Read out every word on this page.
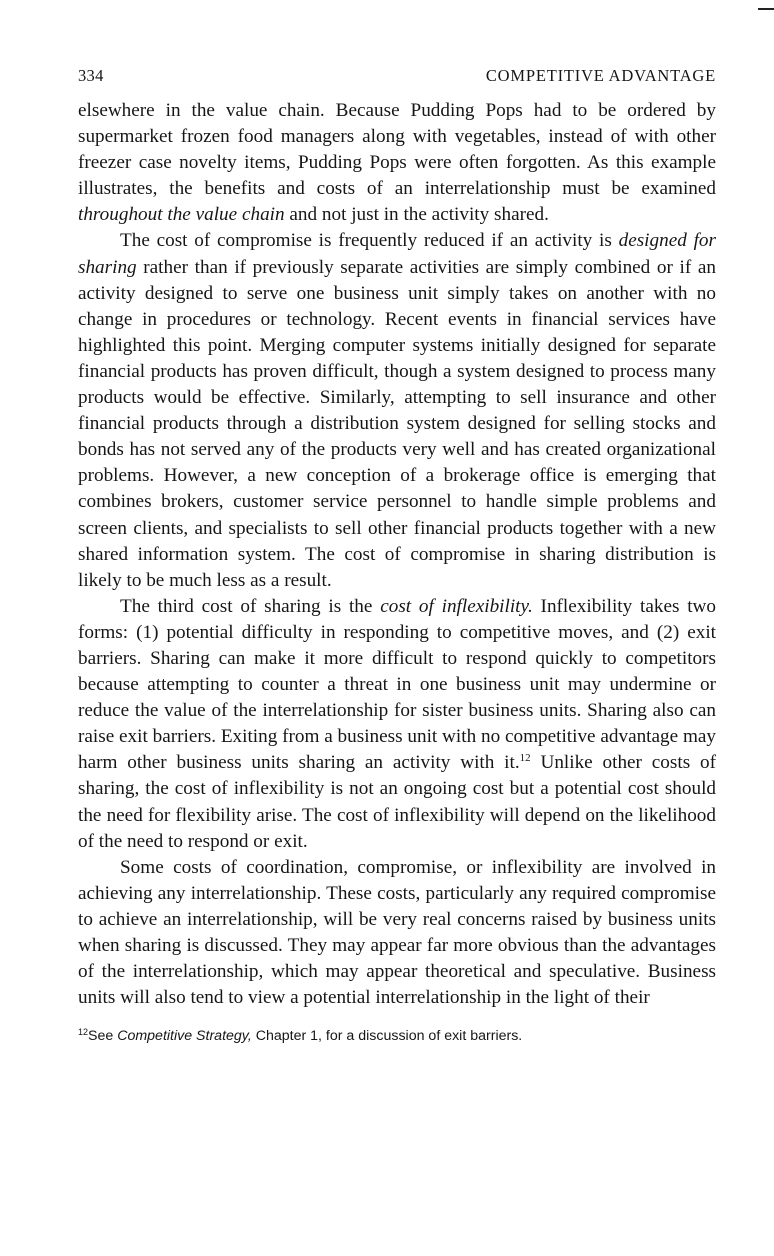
334	COMPETITIVE ADVANTAGE

elsewhere in the value chain. Because Pudding Pops had to be ordered by supermarket frozen food managers along with vegetables, instead of with other freezer case novelty items, Pudding Pops were often forgotten. As this example illustrates, the benefits and costs of an interrelationship must be examined throughout the value chain and not just in the activity shared.

The cost of compromise is frequently reduced if an activity is designed for sharing rather than if previously separate activities are simply combined or if an activity designed to serve one business unit simply takes on another with no change in procedures or technology. Recent events in financial services have highlighted this point. Merging computer systems initially designed for separate financial products has proven difficult, though a system designed to process many products would be effective. Similarly, attempting to sell insurance and other financial products through a distribution system designed for selling stocks and bonds has not served any of the products very well and has created organizational problems. However, a new conception of a brokerage office is emerging that combines brokers, customer service personnel to handle simple problems and screen clients, and specialists to sell other financial products together with a new shared information system. The cost of compromise in sharing distribution is likely to be much less as a result.

The third cost of sharing is the cost of inflexibility. Inflexibility takes two forms: (1) potential difficulty in responding to competitive moves, and (2) exit barriers. Sharing can make it more difficult to respond quickly to competitors because attempting to counter a threat in one business unit may undermine or reduce the value of the interrelationship for sister business units. Sharing also can raise exit barriers. Exiting from a business unit with no competitive advantage may harm other business units sharing an activity with it.$^{12}$ Unlike other costs of sharing, the cost of inflexibility is not an ongoing cost but a potential cost should the need for flexibility arise. The cost of inflexibility will depend on the likelihood of the need to respond or exit.

Some costs of coordination, compromise, or inflexibility are involved in achieving any interrelationship. These costs, particularly any required compromise to achieve an interrelationship, will be very real concerns raised by business units when sharing is discussed. They may appear far more obvious than the advantages of the interrelationship, which may appear theoretical and speculative. Business units will also tend to view a potential interrelationship in the light of their

$^{12}$See Competitive Strategy, Chapter 1, for a discussion of exit barriers.
